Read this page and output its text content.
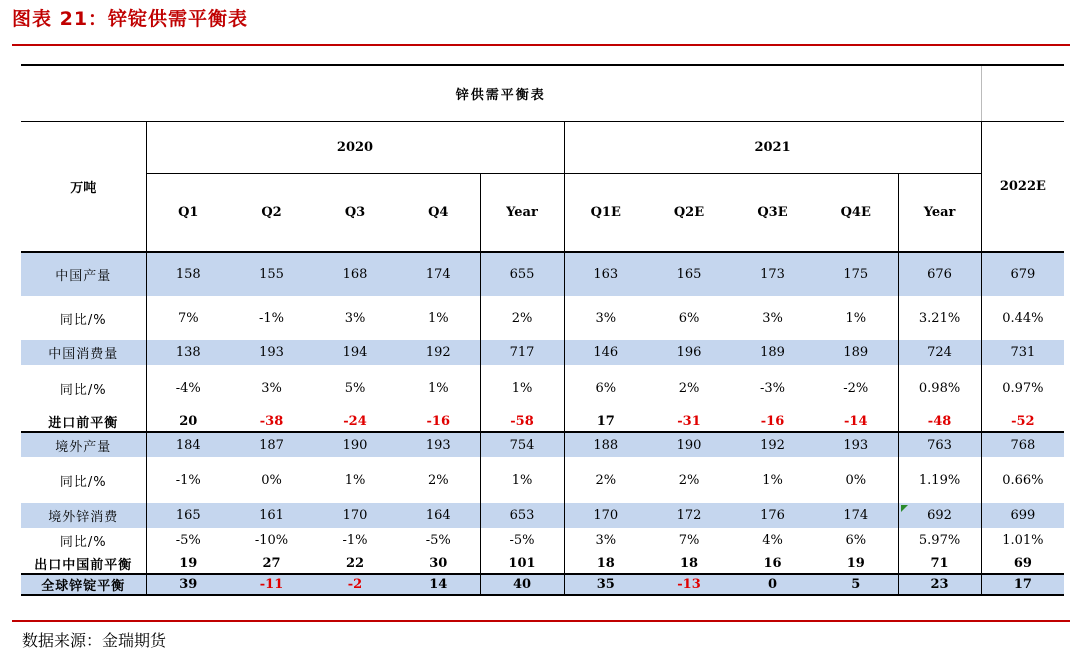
图表 21：锌锭供需平衡表
锌供需平衡表											
万吨	2020					2021					2022E
	Q1	Q2	Q3	Q4	Year	Q1E	Q2E	Q3E	Q4E	Year	
中国产量	158	155	168	174	655	163	165	173	175	676	679
同比/%	7%	-1%	3%	1%	2%	3%	6%	3%	1%	3.21%	0.44%
中国消费量	138	193	194	192	717	146	196	189	189	724	731
同比/%	-4%	3%	5%	1%	1%	6%	2%	-3%	-2%	0.98%	0.97%
进口前平衡	20	-38	-24	-16	-58	17	-31	-16	-14	-48	-52
境外产量	184	187	190	193	754	188	190	192	193	763	768
同比/%	-1%	0%	1%	2%	1%	2%	2%	1%	0%	1.19%	0.66%
境外锌消费	165	161	170	164	653	170	172	176	174	692	699
同比/%	-5%	-10%	-1%	-5%	-5%	3%	7%	4%	6%	5.97%	1.01%
出口中国前平衡	19	27	22	30	101	18	18	16	19	71	69
全球锌锭平衡	39	-11	-2	14	40	35	-13	0	5	23	17
数据来源：金瑞期货
